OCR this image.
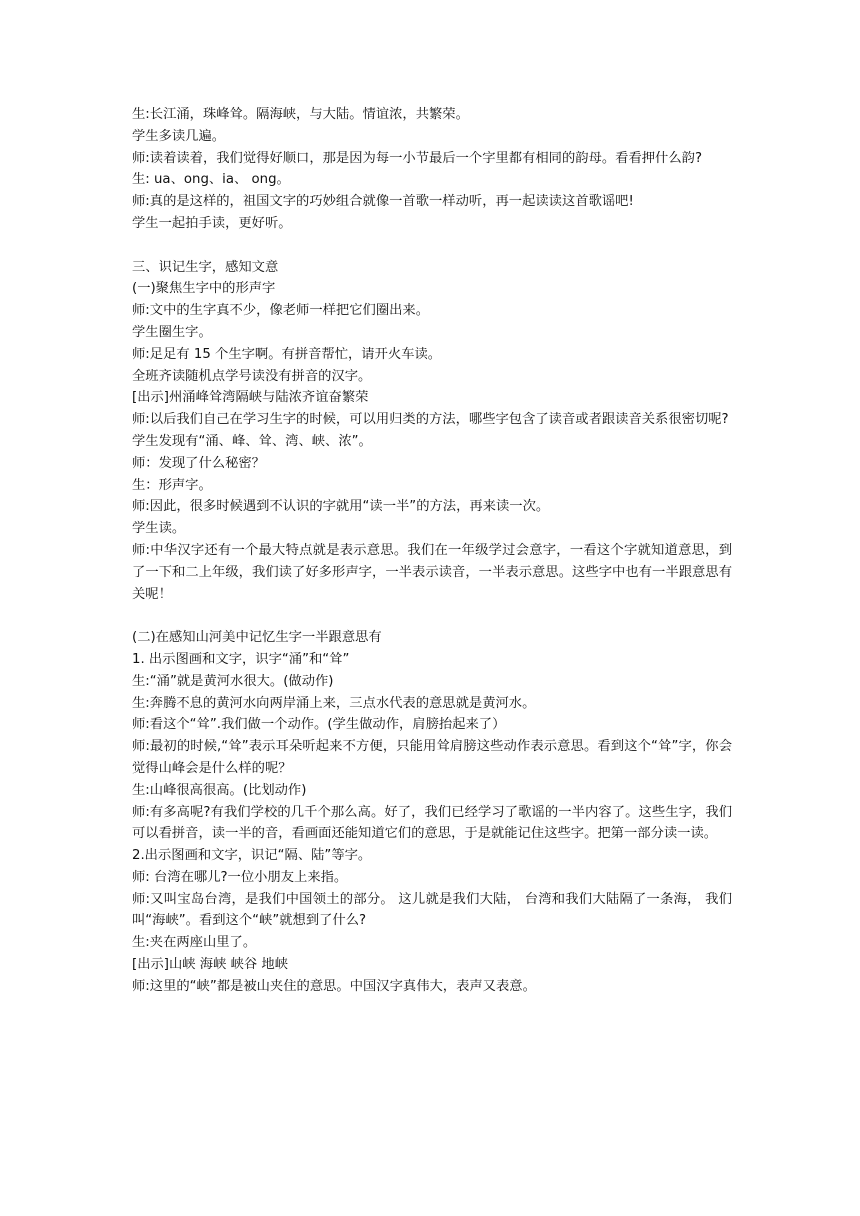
生:长江涌，珠峰耸。隔海峡，与大陆。情谊浓，共繁荣。
学生多读几遍。
师:读着读着，我们觉得好顺口，那是因为每一小节最后一个字里都有相同的韵母。看看押什么韵?
生: ua、ong、ia、 ong。
师:真的是这样的，祖国文字的巧妙组合就像一首歌一样动听，再一起读读这首歌谣吧!
学生一起拍手读，更好听。
三、识记生字，感知文意
(一)聚焦生字中的形声字
师:文中的生字真不少，像老师一样把它们圈出来。
学生圈生字。
师:足足有 15 个生字啊。有拼音帮忙，请开火车读。
全班齐读随机点学号读没有拼音的汉字。
[出示]州涌峰耸湾隔峡与陆浓齐谊奋繁荣
师:以后我们自己在学习生字的时候，可以用归类的方法，哪些字包含了读音或者跟读音关系很密切呢?
学生发现有“涌、峰、耸、湾、峡、浓”。
师：发现了什么秘密？
生：形声字。
师:因此，很多时候遇到不认识的字就用“读一半”的方法，再来读一次。
学生读。
师:中华汉字还有一个最大特点就是表示意思。我们在一年级学过会意字，一看这个字就知道意思，到了一下和二上年级，我们读了好多形声字，一半表示读音，一半表示意思。这些字中也有一半跟意思有关呢！
(二)在感知山河美中记忆生字一半跟意思有
1. 出示图画和文字，识字“涌”和“耸”
生:“涌”就是黄河水很大。(做动作)
生:奔腾不息的黄河水向两岸涌上来，三点水代表的意思就是黄河水。
师:看这个“耸”.我们做一个动作。(学生做动作，肩膀抬起来了）
师:最初的时候,“耸”表示耳朵听起来不方便，只能用耸肩膀这些动作表示意思。看到这个“耸”字，你会觉得山峰会是什么样的呢？
生:山峰很高很高。(比划动作)
师:有多高呢?有我们学校的几千个那么高。好了，我们已经学习了歌谣的一半内容了。这些生字，我们可以看拼音，读一半的音，看画面还能知道它们的意思，于是就能记住这些字。把第一部分读一读。
2.出示图画和文字，识记“隔、陆”等字。
师: 台湾在哪儿?一位小朋友上来指。
师:又叫宝岛台湾，是我们中国领土的部分。 这儿就是我们大陆， 台湾和我们大陆隔了一条海， 我们叫“海峡”。看到这个“峡”就想到了什么?
生:夹在两座山里了。
[出示]山峡 海峡 峡谷 地峡
师:这里的“峡”都是被山夹住的意思。中国汉字真伟大，表声又表意。
